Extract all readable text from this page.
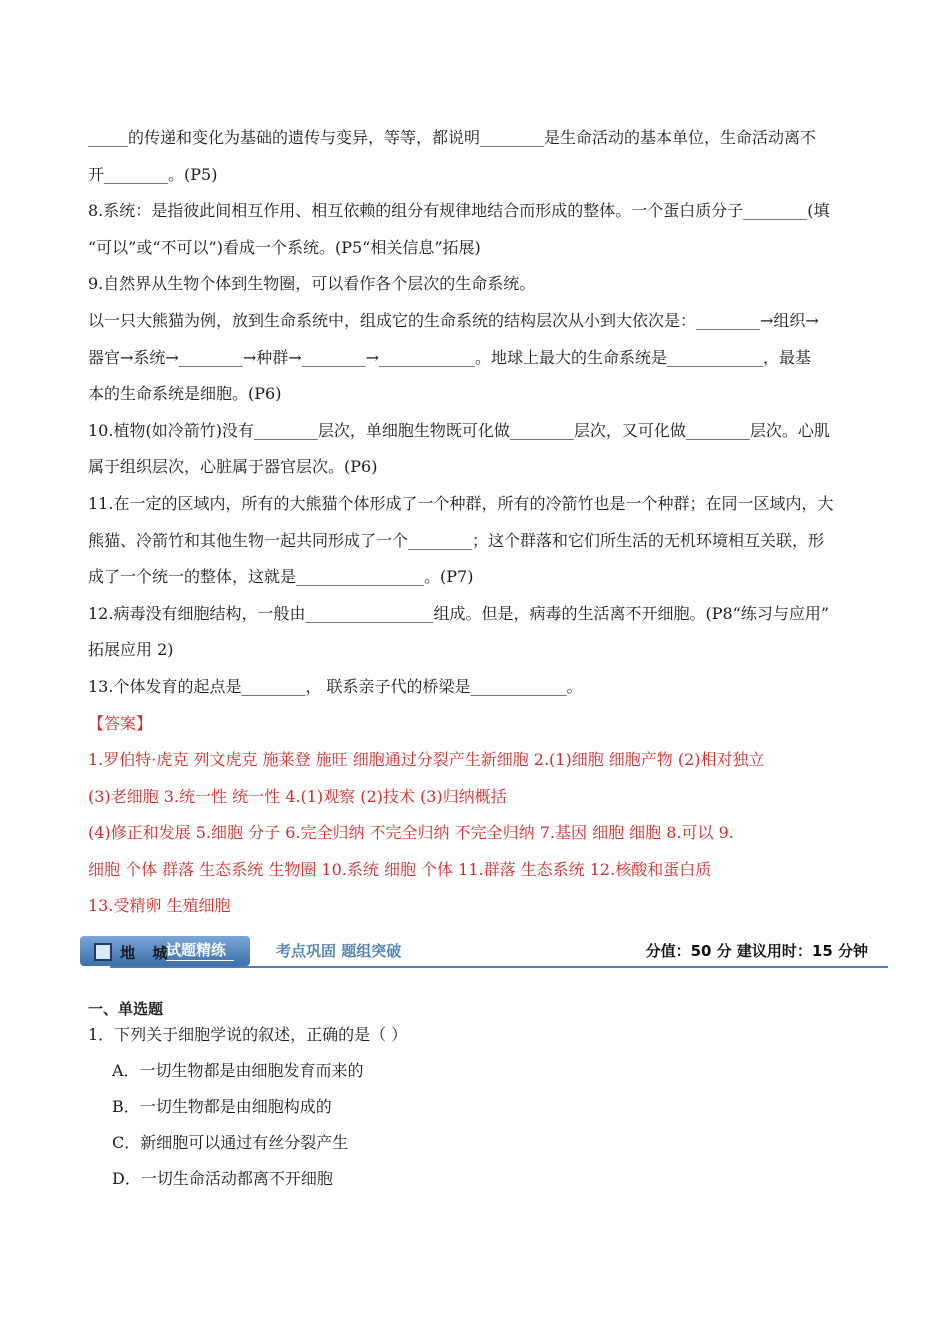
_____的传递和变化为基础的遗传与变异，等等，都说明________是生命活动的基本单位，生命活动离不

开________。(P5)

8.系统：是指彼此间相互作用、相互依赖的组分有规律地结合而形成的整体。一个蛋白质分子________(填

“可以”或“不可以”)看成一个系统。(P5“相关信息”拓展)

9.自然界从生物个体到生物圈，可以看作各个层次的生命系统。

以一只大熊猫为例，放到生命系统中，组成它的生命系统的结构层次从小到大依次是：________→组织→

器官→系统→________→种群→________→____________。地球上最大的生命系统是____________，最基

本的生命系统是细胞。(P6)

10.植物(如冷箭竹)没有________层次，单细胞生物既可化做________层次，又可化做________层次。心肌

属于组织层次，心脏属于器官层次。(P6)

11.在一定的区域内，所有的大熊猫个体形成了一个种群，所有的冷箭竹也是一个种群；在同一区域内，大

熊猫、冷箭竹和其他生物一起共同形成了一个________；这个群落和它们所生活的无机环境相互关联，形

成了一个统一的整体，这就是________________。(P7)

12.病毒没有细胞结构，一般由________________组成。但是，病毒的生活离不开细胞。(P8“练习与应用”

拓展应用 2)

13.个体发育的起点是________， 联系亲子代的桥梁是____________。

【答案】

1.罗伯特·虎克 列文虎克 施莱登 施旺 细胞通过分裂产生新细胞 2.(1)细胞 细胞产物 (2)相对独立

(3)老细胞 3.统一性 统一性 4.(1)观察 (2)技术 (3)归纳概括

(4)修正和发展 5.细胞 分子 6.完全归纳 不完全归纳 不完全归纳 7.基因 细胞 细胞 8.可以 9.

细胞 个体 群落 生态系统 生物圈 10.系统 细胞 个体 11.群落 生态系统 12.核酸和蛋白质

13.受精卵 生殖细胞

地 城
试题精练	考点巩固 题组突破	分值：50 分 建议用时：15 分钟
一、单选题
1．下列关于细胞学说的叙述，正确的是（ ）
A．一切生物都是由细胞发育而来的
B．一切生物都是由细胞构成的
C．新细胞可以通过有丝分裂产生
D．一切生命活动都离不开细胞
